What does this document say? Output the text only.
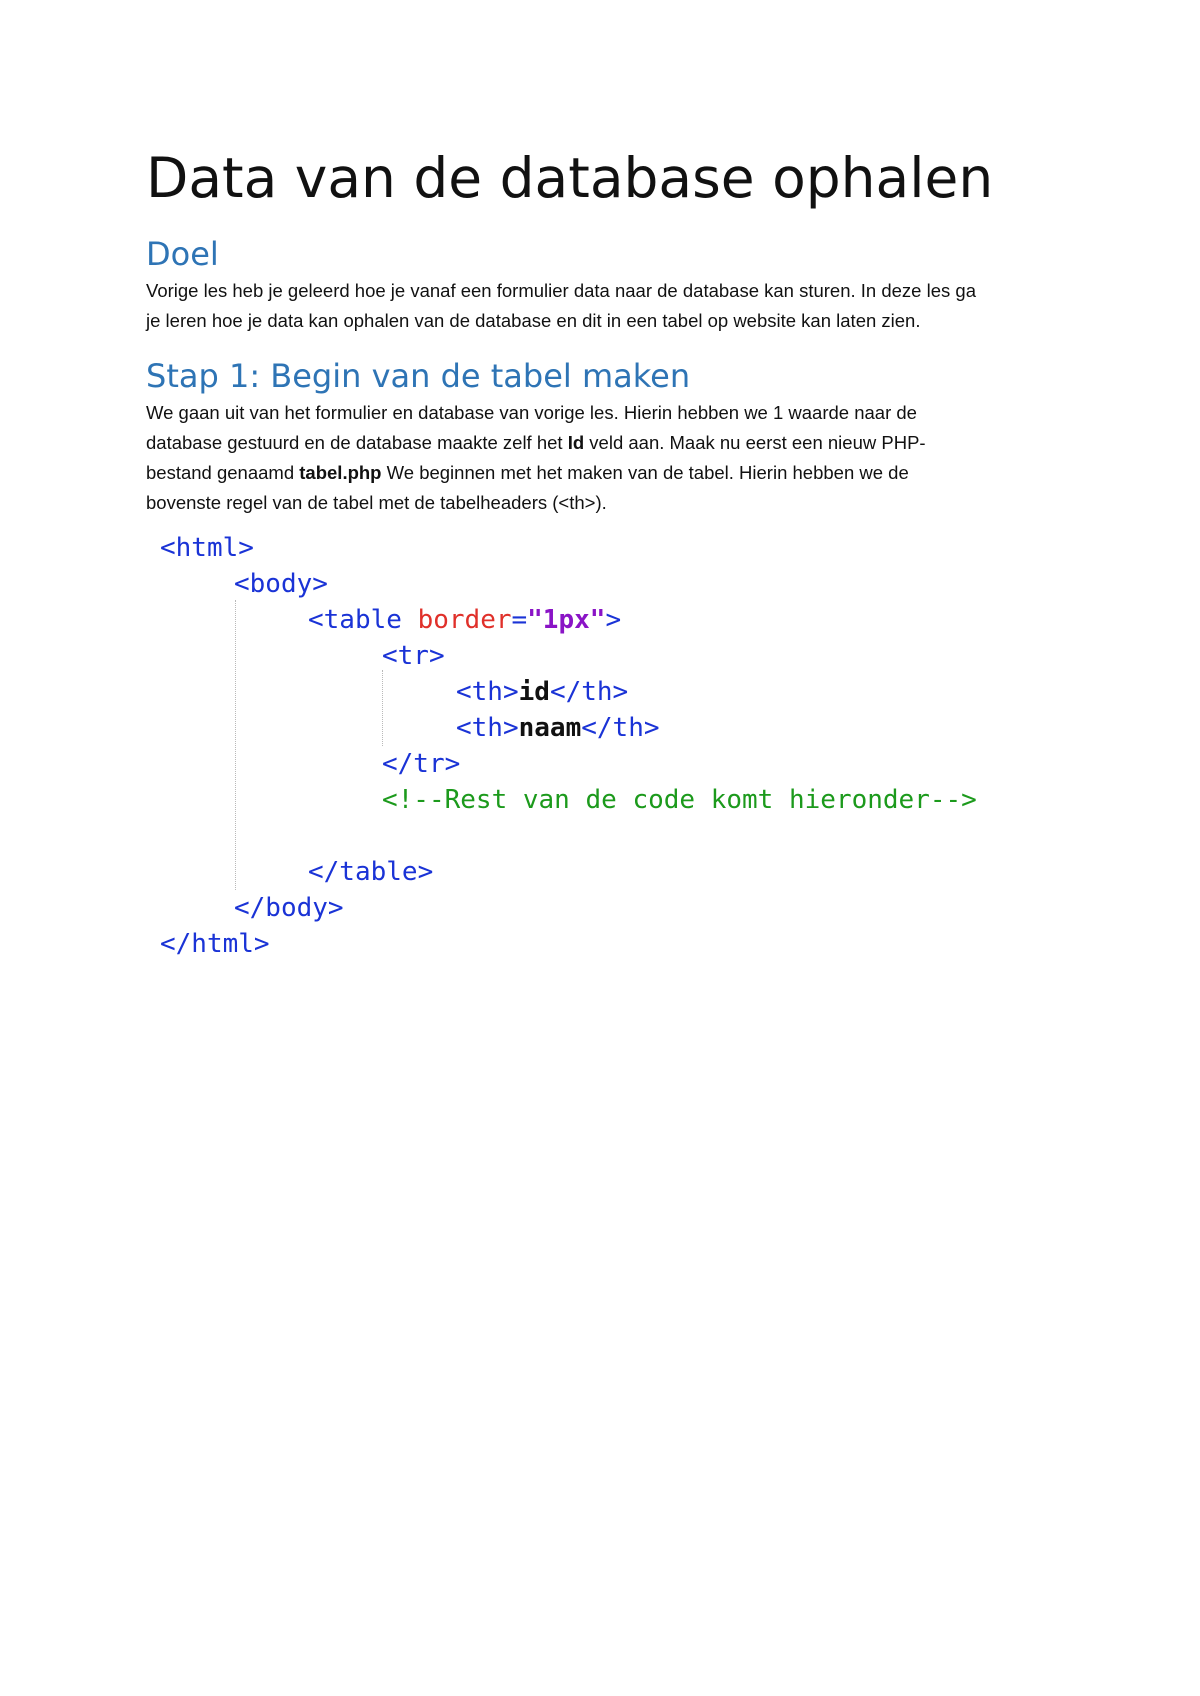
Data van de database ophalen
Doel

Vorige les heb je geleerd hoe je vanaf een formulier data naar de database kan sturen. In deze les ga
je leren hoe je data kan ophalen van de database en dit in een tabel op website kan laten zien.

Stap 1: Begin van de tabel maken

We gaan uit van het formulier en database van vorige les. Hierin hebben we 1 waarde naar de
database gestuurd en de database maakte zelf het Id veld aan. Maak nu eerst een nieuw PHP-
bestand genaamd tabel.php We beginnen met het maken van de tabel. Hierin hebben we de
bovenste regel van de tabel met de tabelheaders (<th>).

<html>
<body>
<table border="1px">
<tr>
<th>id</th>
<th>naam</th>
</tr>
<!--Rest van de code komt hieronder-->
</table>
</body>
</html>
